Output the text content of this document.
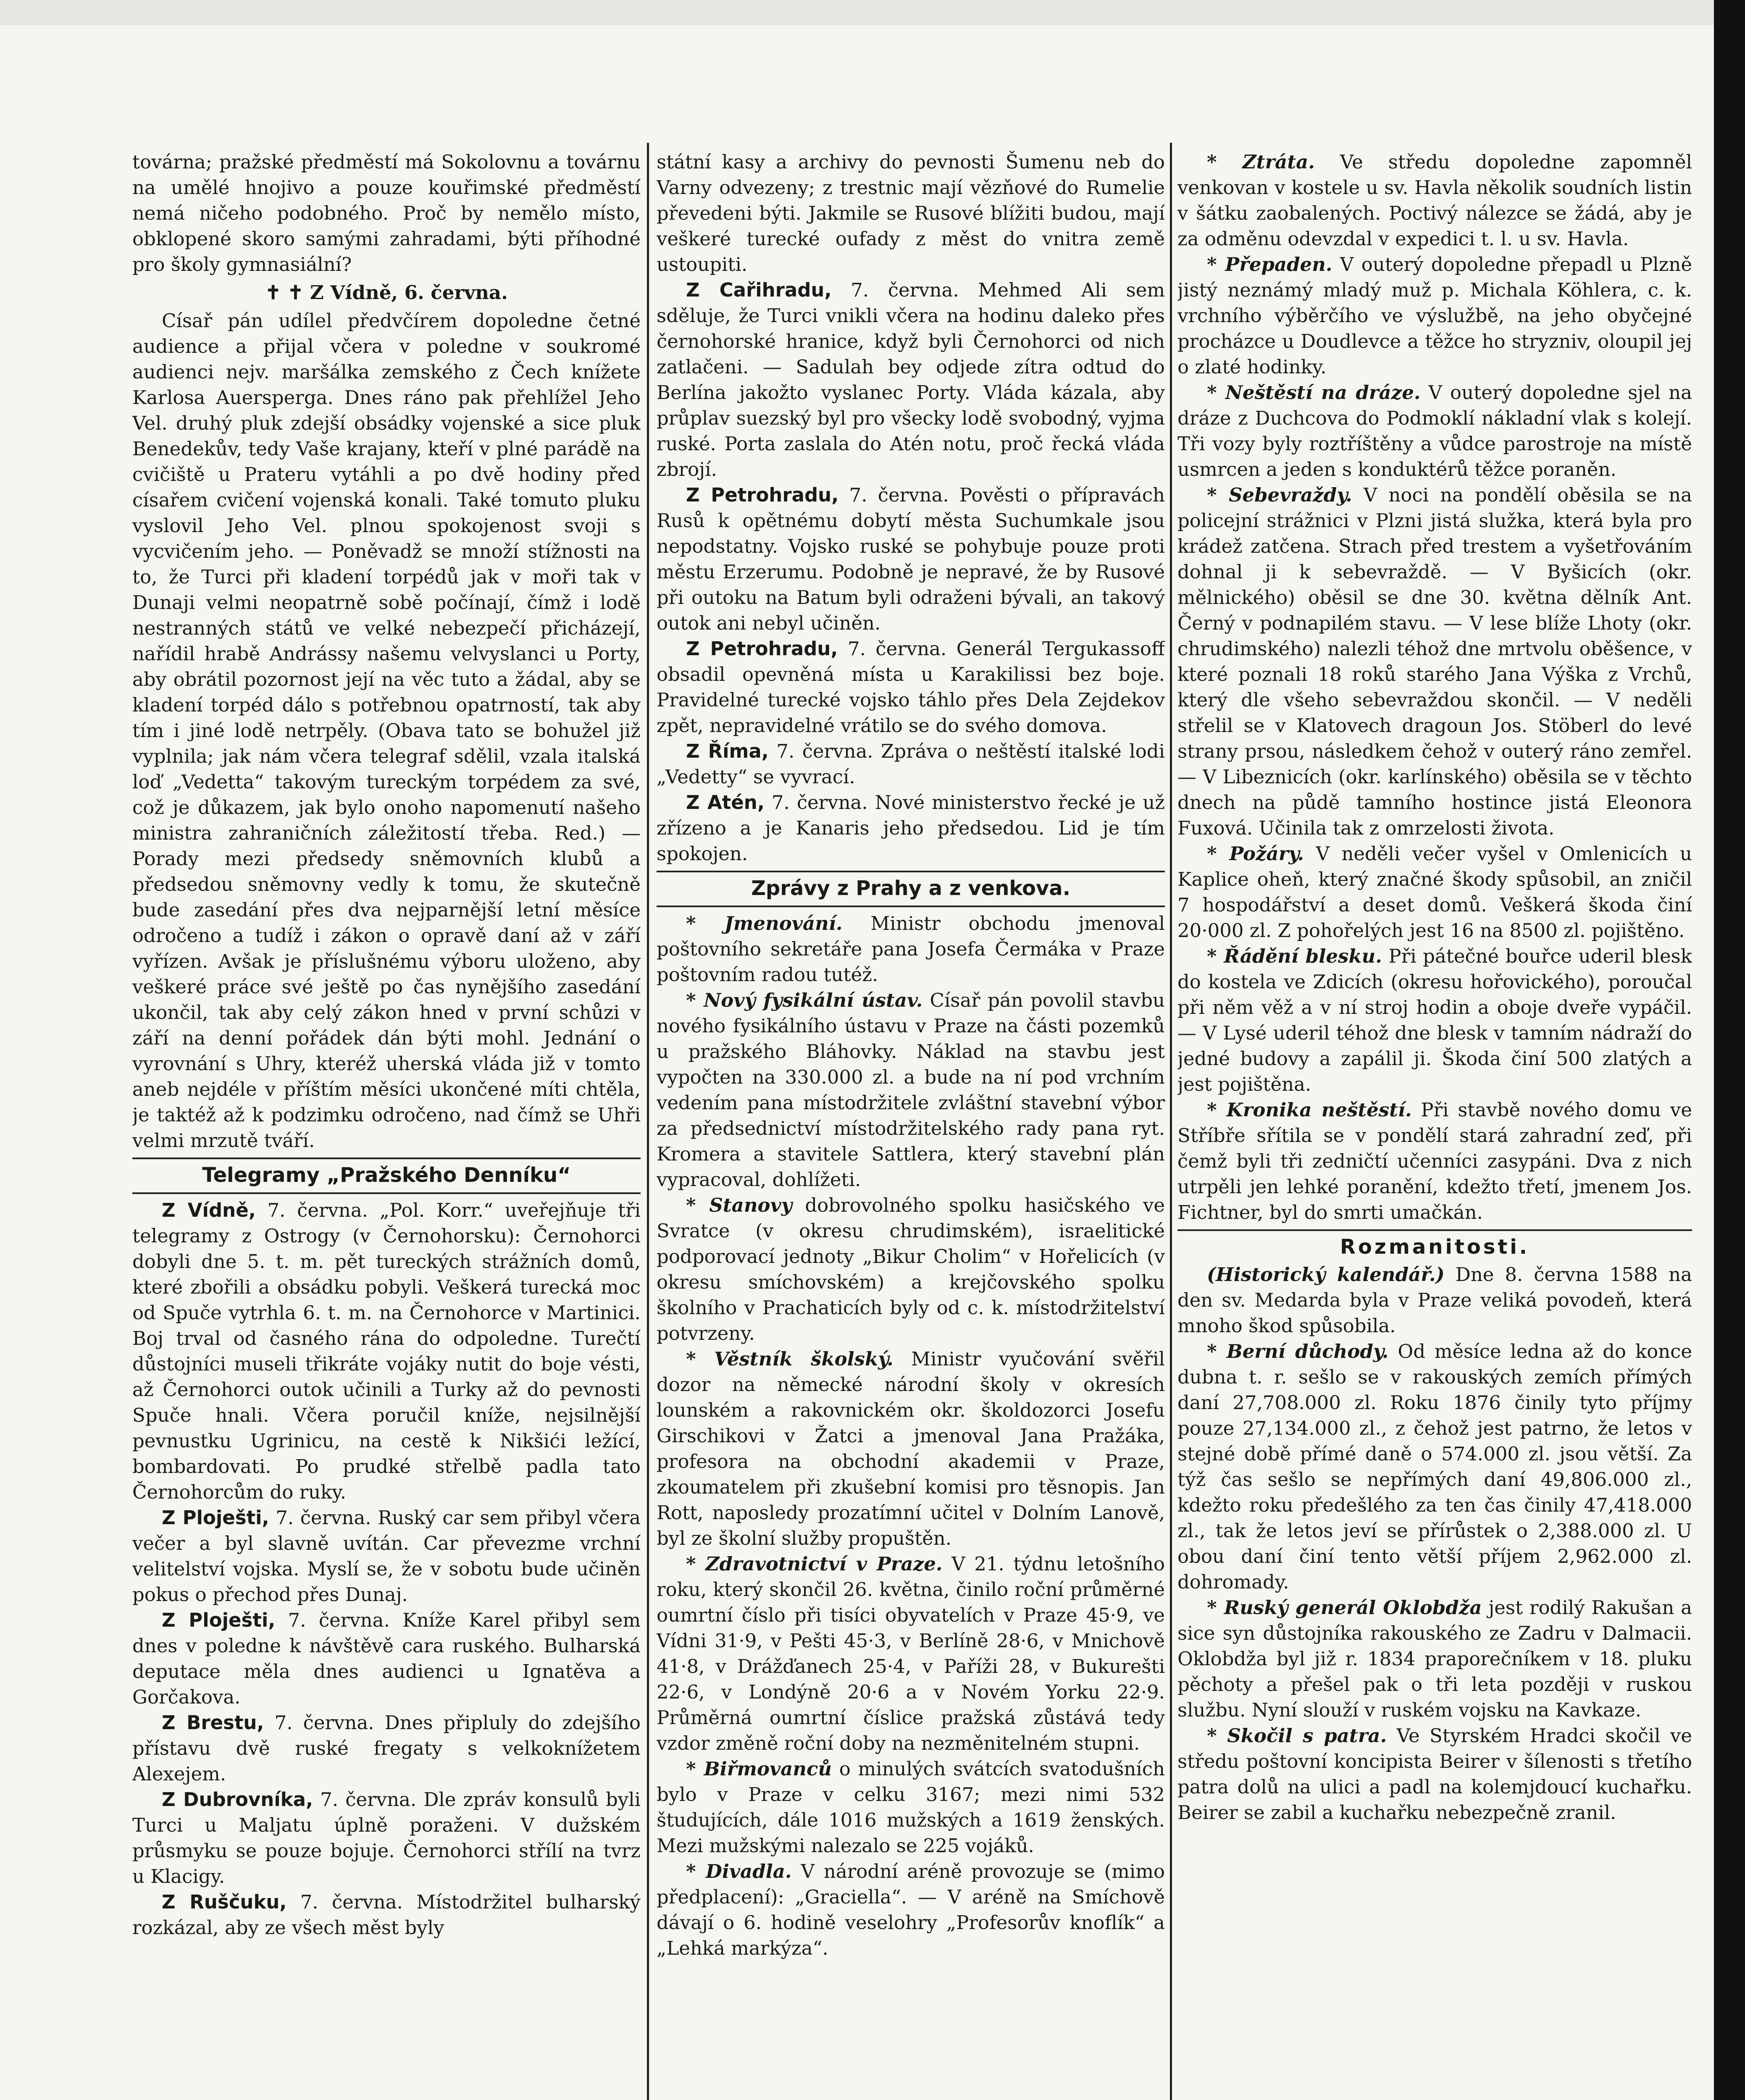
továrna; pražské předměstí má Sokolovnu a továrnu na umělé hnojivo a pouze kouřimské předměstí nemá ničeho podobného. Proč by nemělo místo, obklopené skoro samými zahradami, býti příhodné pro školy gymnasiální?

✝ ✝ Z Vídně, 6. června.

Císař pán udílel předvčírem dopoledne četné audience a přijal včera v poledne v soukromé audienci nejv. maršálka zemského z Čech knížete Karlosa Auersperga. Dnes ráno pak přehlížel Jeho Vel. druhý pluk zdejší obsádky vojenské a sice pluk Benedekův, tedy Vaše krajany, kteří v plné parádě na cvičiště u Prateru vytáhli a po dvě hodiny před císařem cvičení vojenská konali. Také tomuto pluku vyslovil Jeho Vel. plnou spokojenost svoji s vycvičením jeho. — Poněvadž se množí stížnosti na to, že Turci při kladení torpédů jak v moři tak v Dunaji velmi neopatrně sobě počínají, čímž i lodě nestranných států ve velké nebezpečí přicházejí, nařídil hrabě Andrássy našemu velvyslanci u Porty, aby obrátil pozornost její na věc tuto a žádal, aby se kladení torpéd dálo s potřebnou opatrností, tak aby tím i jiné lodě netrpěly. (Obava tato se bohužel již vyplnila; jak nám včera telegraf sdělil, vzala italská loď „Vedetta“ takovým tureckým torpédem za své, což je důkazem, jak bylo onoho napomenutí našeho ministra zahraničních záležitostí třeba. Red.) — Porady mezi předsedy sněmovních klubů a předsedou sněmovny vedly k tomu, že skutečně bude zasedání přes dva nejparnější letní měsíce odročeno a tudíž i zákon o opravě daní až v září vyřízen. Avšak je příslušnému výboru uloženo, aby veškeré práce své ještě po čas nynějšího zasedání ukončil, tak aby celý zákon hned v první schůzi v září na denní pořádek dán býti mohl. Jednání o vyrovnání s Uhry, kteréž uherská vláda již v tomto aneb nejdéle v příštím měsíci ukončené míti chtěla, je taktéž až k podzimku odročeno, nad čímž se Uhři velmi mrzutě tváří.

Telegramy „Pražského Denníku“

Z Vídně, 7. června. „Pol. Korr.“ uveřejňuje tři telegramy z Ostrogy (v Černohorsku): Černohorci dobyli dne 5. t. m. pět tureckých strážních domů, které zbořili a obsádku pobyli. Veškerá turecká moc od Spuče vytrhla 6. t. m. na Černohorce v Martinici. Boj trval od časného rána do odpoledne. Turečtí důstojníci museli třikráte vojáky nutit do boje vésti, až Černohorci outok učinili a Turky až do pevnosti Spuče hnali. Včera poručil kníže, nejsilnější pevnustku Ugrinicu, na cestě k Nikšići ležící, bombardovati. Po prudké střelbě padla tato Černohorcům do ruky.

Z Ploješti, 7. června. Ruský car sem přibyl včera večer a byl slavně uvítán. Car převezme vrchní velitelství vojska. Myslí se, že v sobotu bude učiněn pokus o přechod přes Dunaj.

Z Ploješti, 7. června. Kníže Karel přibyl sem dnes v poledne k návštěvě cara ruského. Bulharská deputace měla dnes audienci u Ignatěva a Gorčakova.

Z Brestu, 7. června. Dnes připluly do zdejšího přístavu dvě ruské fregaty s velkoknížetem Alexejem.

Z Dubrovníka, 7. června. Dle zpráv konsulů byli Turci u Maljatu úplně poraženi. V dužském průsmyku se pouze bojuje. Černohorci střílí na tvrz u Klacigy.

Z Ruščuku, 7. června. Místodržitel bulharský rozkázal, aby ze všech měst byly

státní kasy a archivy do pevnosti Šumenu neb do Varny odvezeny; z trestnic mají vězňové do Rumelie převedeni býti. Jakmile se Rusové blížiti budou, mají veškeré turecké oufady z měst do vnitra země ustoupiti.

Z Cařihradu, 7. června. Mehmed Ali sem sděluje, že Turci vnikli včera na hodinu daleko přes černohorské hranice, když byli Černohorci od nich zatlačeni. — Sadulah bey odjede zítra odtud do Berlína jakožto vyslanec Porty. Vláda kázala, aby průplav suezský byl pro všecky lodě svobodný, vyjma ruské. Porta zaslala do Atén notu, proč řecká vláda zbrojí.

Z Petrohradu, 7. června. Pověsti o přípravách Rusů k opětnému dobytí města Suchumkale jsou nepodstatny. Vojsko ruské se pohybuje pouze proti městu Erzerumu. Podobně je nepravé, že by Rusové při outoku na Batum byli odraženi bývali, an takový outok ani nebyl učiněn.

Z Petrohradu, 7. června. Generál Tergukassoff obsadil opevněná místa u Karakilissi bez boje. Pravidelné turecké vojsko táhlo přes Dela Zejdekov zpět, nepravidelné vrátilo se do svého domova.

Z Říma, 7. června. Zpráva o neštěstí italské lodi „Vedetty“ se vyvrací.

Z Atén, 7. června. Nové ministerstvo řecké je už zřízeno a je Kanaris jeho předsedou. Lid je tím spokojen.

Zprávy z Prahy a z venkova.

* Jmenování. Ministr obchodu jmenoval poštovního sekretáře pana Josefa Čermáka v Praze poštovním radou tutéž.

* Nový fysikální ústav. Císař pán povolil stavbu nového fysikálního ústavu v Praze na části pozemků u pražského Bláhovky. Náklad na stavbu jest vypočten na 330.000 zl. a bude na ní pod vrchním vedením pana místodržitele zvláštní stavební výbor za předsednictví místodržitelského rady pana ryt. Kromera a stavitele Sattlera, který stavební plán vypracoval, dohlížeti.

* Stanovy dobrovolného spolku hasičského ve Svratce (v okresu chrudimském), israelitické podporovací jednoty „Bikur Cholim“ v Hořelicích (v okresu smíchovském) a krejčovského spolku školního v Prachaticích byly od c. k. místodržitelství potvrzeny.

* Věstník školský. Ministr vyučování svěřil dozor na německé národní školy v okresích lounském a rakovnickém okr. školdozorci Josefu Girschikovi v Žatci a jmenoval Jana Pražáka, profesora na obchodní akademii v Praze, zkoumatelem při zkušební komisi pro těsnopis. Jan Rott, naposledy prozatímní učitel v Dolním Lanově, byl ze školní služby propuštěn.

* Zdravotnictví v Praze. V 21. týdnu letošního roku, který skončil 26. května, činilo roční průměrné oumrtní číslo při tisíci obyvatelích v Praze 45·9, ve Vídni 31·9, v Pešti 45·3, v Berlíně 28·6, v Mnichově 41·8, v Drážďanech 25·4, v Paříži 28, v Bukurešti 22·6, v Londýně 20·6 a v Novém Yorku 22·9. Průměrná oumrtní číslice pražská zůstává tedy vzdor změně roční doby na nezměnitelném stupni.

* Biřmovanců o minulých svátcích svatodušních bylo v Praze v celku 3167; mezi nimi 532 študujících, dále 1016 mužských a 1619 ženských. Mezi mužskými nalezalo se 225 vojáků.

* Divadla. V národní aréně provozuje se (mimo předplacení): „Graciella“. — V aréně na Smíchově dávají o 6. hodině veselohry „Profesorův knoflík“ a „Lehká markýza“.

* Ztráta. Ve středu dopoledne zapomněl venkovan v kostele u sv. Havla několik soudních listin v šátku zaobalených. Poctivý nálezce se žádá, aby je za odměnu odevzdal v expedici t. l. u sv. Havla.

* Přepaden. V outerý dopoledne přepadl u Plzně jistý neznámý mladý muž p. Michala Köhlera, c. k. vrchního výběrčího ve výslužbě, na jeho obyčejné procházce u Doudlevce a těžce ho stryzniv, oloupil jej o zlaté hodinky.

* Neštěstí na dráze. V outerý dopoledne sjel na dráze z Duchcova do Podmoklí nákladní vlak s kolejí. Tři vozy byly roztříštěny a vůdce parostroje na místě usmrcen a jeden s konduktérů těžce poraněn.

* Sebevraždy. V noci na pondělí oběsila se na policejní strážnici v Plzni jistá služka, která byla pro krádež zatčena. Strach před trestem a vyšetřováním dohnal ji k sebevraždě. — V Byšicích (okr. mělnického) oběsil se dne 30. května dělník Ant. Černý v podnapilém stavu. — V lese blíže Lhoty (okr. chrudimského) nalezli téhož dne mrtvolu oběšence, v které poznali 18 roků starého Jana Výška z Vrchů, který dle všeho sebevraždou skončil. — V neděli střelil se v Klatovech dragoun Jos. Stöberl do levé strany prsou, následkem čehož v outerý ráno zemřel. — V Libeznicích (okr. karlínského) oběsila se v těchto dnech na půdě tamního hostince jistá Eleonora Fuxová. Učinila tak z omrzelosti života.

* Požáry. V neděli večer vyšel v Omlenicích u Kaplice oheň, který značné škody spůsobil, an zničil 7 hospodářství a deset domů. Veškerá škoda činí 20·000 zl. Z pohořelých jest 16 na 8500 zl. pojištěno.

* Řádění blesku. Při pátečné bouřce uderil blesk do kostela ve Zdicích (okresu hořovického), poroučal při něm věž a v ní stroj hodin a oboje dveře vypáčil. — V Lysé uderil téhož dne blesk v tamním nádraží do jedné budovy a zapálil ji. Škoda činí 500 zlatých a jest pojištěna.

* Kronika neštěstí. Při stavbě nového domu ve Stříbře sřítila se v pondělí stará zahradní zeď, při čemž byli tři zedničtí učenníci zasypáni. Dva z nich utrpěli jen lehké poranění, kdežto třetí, jmenem Jos. Fichtner, byl do smrti umačkán.

Rozmanitosti.

(Historický kalendář.) Dne 8. června 1588 na den sv. Medarda byla v Praze veliká povodeň, která mnoho škod spůsobila.

* Berní důchody. Od měsíce ledna až do konce dubna t. r. sešlo se v rakouských zemích přímých daní 27,708.000 zl. Roku 1876 činily tyto příjmy pouze 27,134.000 zl., z čehož jest patrno, že letos v stejné době přímé daně o 574.000 zl. jsou větší. Za týž čas sešlo se nepřímých daní 49,806.000 zl., kdežto roku předešlého za ten čas činily 47,418.000 zl., tak že letos jeví se přírůstek o 2,388.000 zl. U obou daní činí tento větší příjem 2,962.000 zl. dohromady.

* Ruský generál Oklobdža jest rodilý Rakušan a sice syn důstojníka rakouského ze Zadru v Dalmacii. Oklobdža byl již r. 1834 praporečníkem v 18. pluku pěchoty a přešel pak o tři leta později v ruskou službu. Nyní slouží v ruském vojsku na Kavkaze.

* Skočil s patra. Ve Styrském Hradci skočil ve středu poštovní koncipista Beirer v šílenosti s třetího patra dolů na ulici a padl na kolemjdoucí kuchařku. Beirer se zabil a kuchařku nebezpečně zranil.
